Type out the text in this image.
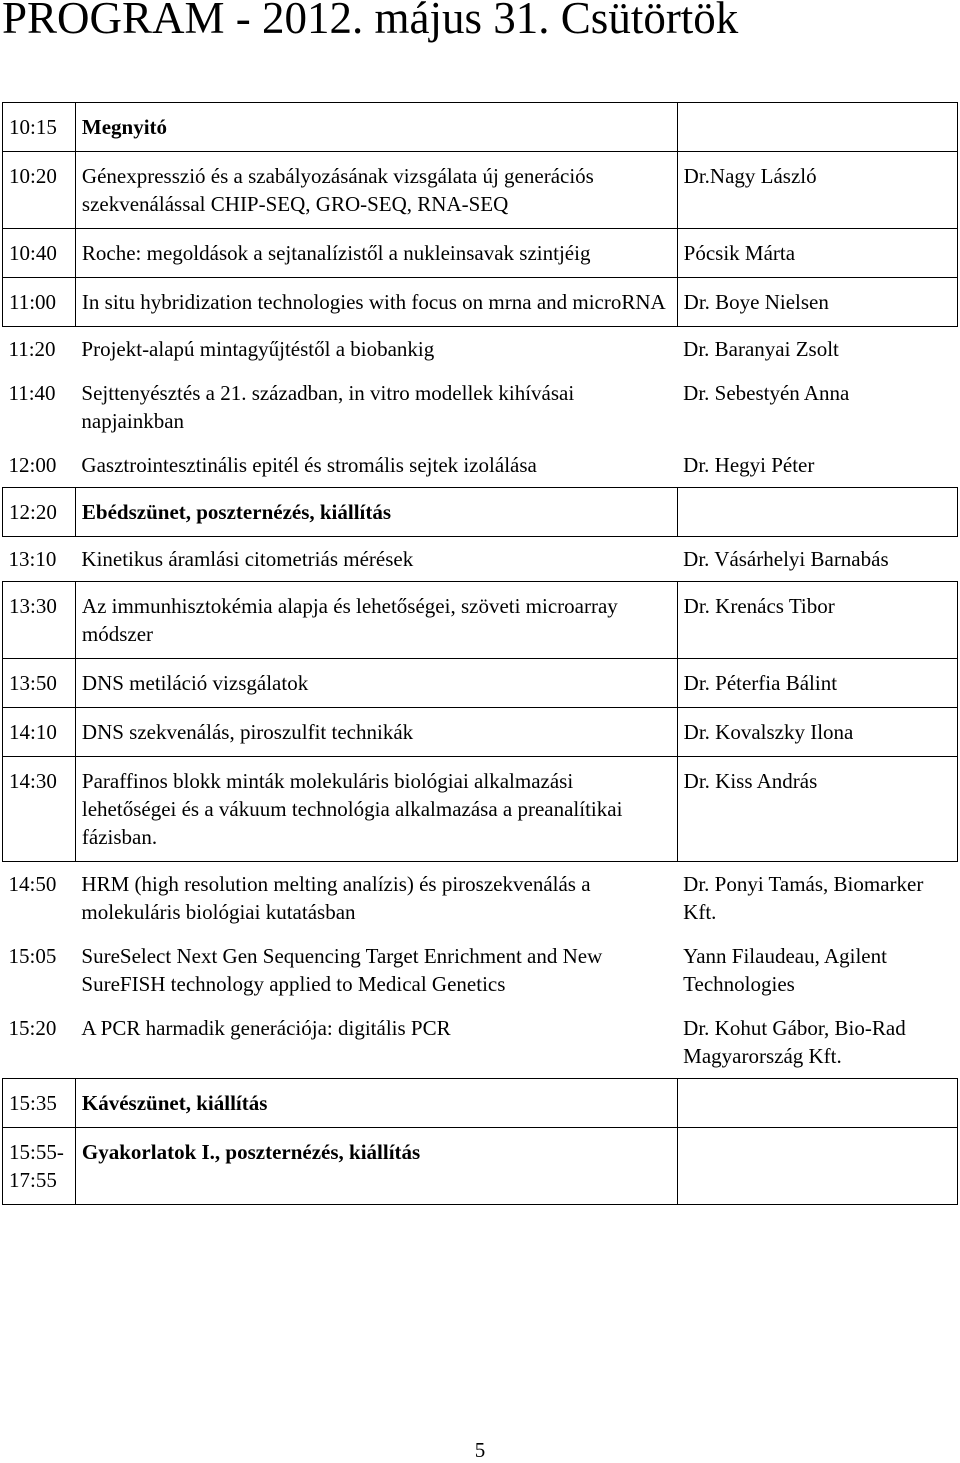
PROGRAM - 2012. május 31. Csütörtök
10:15	Megnyitó	
10:20	Génexpresszió és a szabályozásának vizsgálata új generációs szekvenálással CHIP-SEQ, GRO-SEQ, RNA-SEQ	Dr.Nagy László
10:40	Roche: megoldások a sejtanalízistől a nukleinsavak szintjéig	Pócsik Márta
11:00	In situ hybridization technologies with focus on mrna and microRNA	Dr. Boye Nielsen
11:20	Projekt-alapú mintagyűjtéstől a biobankig	Dr. Baranyai Zsolt
11:40	Sejttenyésztés a 21. században, in vitro modellek kihívásai napjainkban	Dr. Sebestyén Anna
12:00	Gasztrointesztinális epitél és stromális sejtek izolálása	Dr. Hegyi Péter
12:20	Ebédszünet, poszternézés, kiállítás	
13:10	Kinetikus áramlási citometriás mérések	Dr. Vásárhelyi Barnabás
13:30	Az immunhisztokémia alapja és lehetőségei, szöveti microarray módszer	Dr. Krenács Tibor
13:50	DNS metiláció vizsgálatok	Dr. Péterfia Bálint
14:10	DNS szekvenálás, piroszulfit technikák	Dr. Kovalszky Ilona
14:30	Paraffinos blokk minták molekuláris biológiai alkalmazási lehetőségei és a vákuum technológia alkalmazása a preanalítikai fázisban.	Dr. Kiss András
14:50	HRM (high resolution melting analízis) és piroszekvenálás a molekuláris biológiai kutatásban	Dr. Ponyi Tamás, Biomarker Kft.
15:05	SureSelect Next Gen Sequencing Target Enrichment and New SureFISH technology applied to Medical Genetics	Yann Filaudeau, Agilent Technologies
15:20	A PCR harmadik generációja: digitális PCR	Dr. Kohut Gábor, Bio-Rad Magyarország Kft.
15:35	Kávészünet, kiállítás	
15:55-17:55	Gyakorlatok I., poszternézés, kiállítás	
5
